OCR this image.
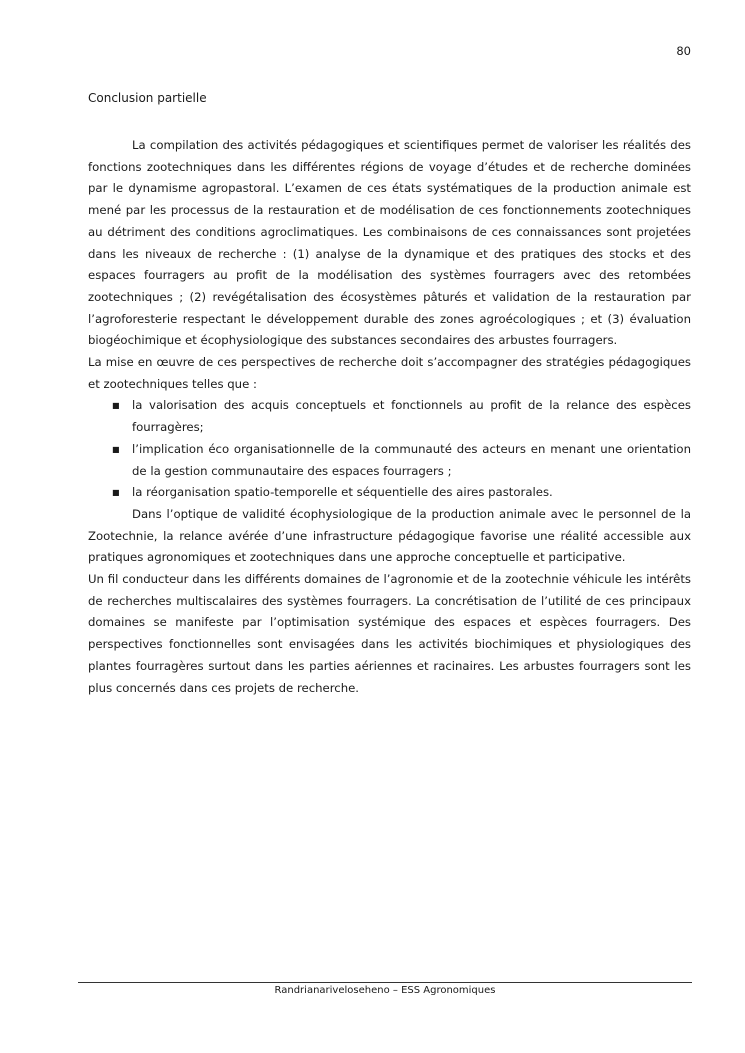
80
Conclusion partielle

La compilation des activités pédagogiques et scientifiques permet de valoriser les réalités des fonctions zootechniques dans les différentes régions de voyage d’études et de recherche dominées par le dynamisme agropastoral. L’examen de ces états systématiques de la production animale est mené par les processus de la restauration et de modélisation de ces fonctionnements zootechniques au détriment des conditions agroclimatiques. Les combinaisons de ces connaissances sont projetées dans les niveaux de recherche : (1) analyse de la dynamique et des pratiques des stocks et des espaces fourragers au profit de la modélisation des systèmes fourragers avec des retombées zootechniques ; (2) revégétalisation des écosystèmes pâturés et validation de la restauration par l’agroforesterie respectant le développement durable des zones agroécologiques ; et (3) évaluation biogéochimique et écophysiologique des substances secondaires des arbustes fourragers.

La mise en œuvre de ces perspectives de recherche doit s’accompagner des stratégies pédagogiques et zootechniques telles que :

■
la valorisation des acquis conceptuels et fonctionnels au profit de la relance des espèces fourragères;
■
l’implication éco organisationnelle de la communauté des acteurs en menant une orientation de la gestion communautaire des espaces fourragers ;
■
la réorganisation spatio-temporelle et séquentielle des aires pastorales.

Dans l’optique de validité écophysiologique de la production animale avec le personnel de la Zootechnie, la relance avérée d’une infrastructure pédagogique favorise une réalité accessible aux pratiques agronomiques et zootechniques dans une approche conceptuelle et participative.

Un fil conducteur dans les différents domaines de l’agronomie et de la zootechnie véhicule les intérêts de recherches multiscalaires des systèmes fourragers. La concrétisation de l’utilité de ces principaux domaines se manifeste par l’optimisation systémique des espaces et espèces fourragers. Des perspectives fonctionnelles sont envisagées dans les activités biochimiques et physiologiques des plantes fourragères surtout dans les parties aériennes et racinaires. Les arbustes fourragers sont les plus concernés dans ces projets de recherche.

Randrianariveloseheno – ESS Agronomiques
